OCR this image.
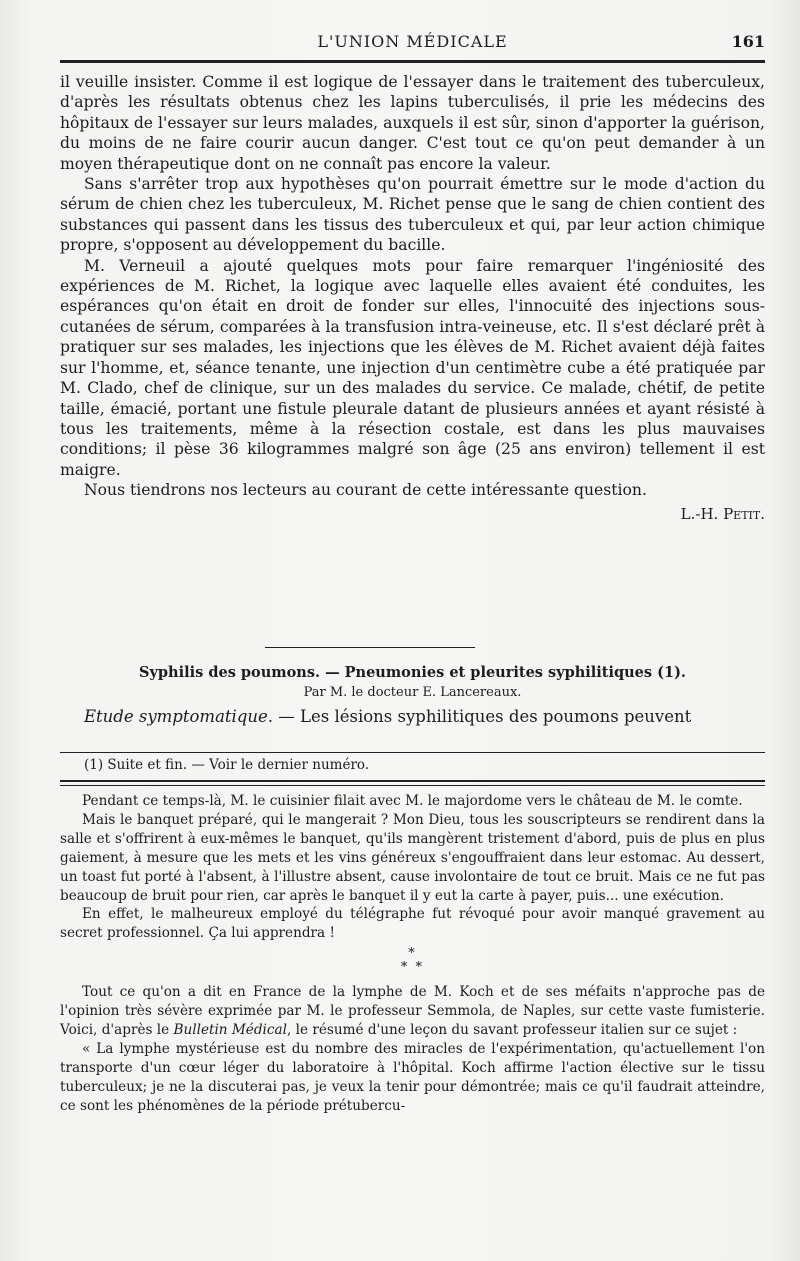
L'UNION MÉDICALE	161

il veuille insister. Comme il est logique de l'essayer dans le traitement des tuberculeux, d'après les résultats obtenus chez les lapins tuberculisés, il prie les médecins des hôpitaux de l'essayer sur leurs malades, auxquels il est sûr, sinon d'apporter la guérison, du moins de ne faire courir aucun danger. C'est tout ce qu'on peut demander à un moyen thérapeutique dont on ne connaît pas encore la valeur.

Sans s'arrêter trop aux hypothèses qu'on pourrait émettre sur le mode d'action du sérum de chien chez les tuberculeux, M. Richet pense que le sang de chien contient des substances qui passent dans les tissus des tuberculeux et qui, par leur action chimique propre, s'opposent au développement du bacille.

M. Verneuil a ajouté quelques mots pour faire remarquer l'ingéniosité des expériences de M. Richet, la logique avec laquelle elles avaient été conduites, les espérances qu'on était en droit de fonder sur elles, l'innocuité des injections sous-cutanées de sérum, comparées à la transfusion intra-veineuse, etc. Il s'est déclaré prêt à pratiquer sur ses malades, les injections que les élèves de M. Richet avaient déjà faites sur l'homme, et, séance tenante, une injection d'un centimètre cube a été pratiquée par M. Clado, chef de clinique, sur un des malades du service. Ce malade, chétif, de petite taille, émacié, portant une fistule pleurale datant de plusieurs années et ayant résisté à tous les traitements, même à la résection costale, est dans les plus mauvaises conditions; il pèse 36 kilogrammes malgré son âge (25 ans environ) tellement il est maigre.

Nous tiendrons nos lecteurs au courant de cette intéressante question.

L.-H. Petit.

Syphilis des poumons. — Pneumonies et pleurites syphilitiques (1).

Par M. le docteur E. Lancereaux.

Etude symptomatique. — Les lésions syphilitiques des poumons peuvent

(1) Suite et fin. — Voir le dernier numéro.

Pendant ce temps-là, M. le cuisinier filait avec M. le majordome vers le château de M. le comte.

Mais le banquet préparé, qui le mangerait ? Mon Dieu, tous les souscripteurs se rendirent dans la salle et s'offrirent à eux-mêmes le banquet, qu'ils mangèrent tristement d'abord, puis de plus en plus gaiement, à mesure que les mets et les vins généreux s'engouffraient dans leur estomac. Au dessert, un toast fut porté à l'absent, à l'illustre absent, cause involontaire de tout ce bruit. Mais ce ne fut pas beaucoup de bruit pour rien, car après le banquet il y eut la carte à payer, puis... une exécution.

En effet, le malheureux employé du télégraphe fut révoqué pour avoir manqué gravement au secret professionnel. Ça lui apprendra !

*
* *

Tout ce qu'on a dit en France de la lymphe de M. Koch et de ses méfaits n'approche pas de l'opinion très sévère exprimée par M. le professeur Semmola, de Naples, sur cette vaste fumisterie. Voici, d'après le Bulletin Médical, le résumé d'une leçon du savant professeur italien sur ce sujet :

« La lymphe mystérieuse est du nombre des miracles de l'expérimentation, qu'actuellement l'on transporte d'un cœur léger du laboratoire à l'hôpital. Koch affirme l'action élective sur le tissu tuberculeux; je ne la discuterai pas, je veux la tenir pour démontrée; mais ce qu'il faudrait atteindre, ce sont les phénomènes de la période prétubercu-
